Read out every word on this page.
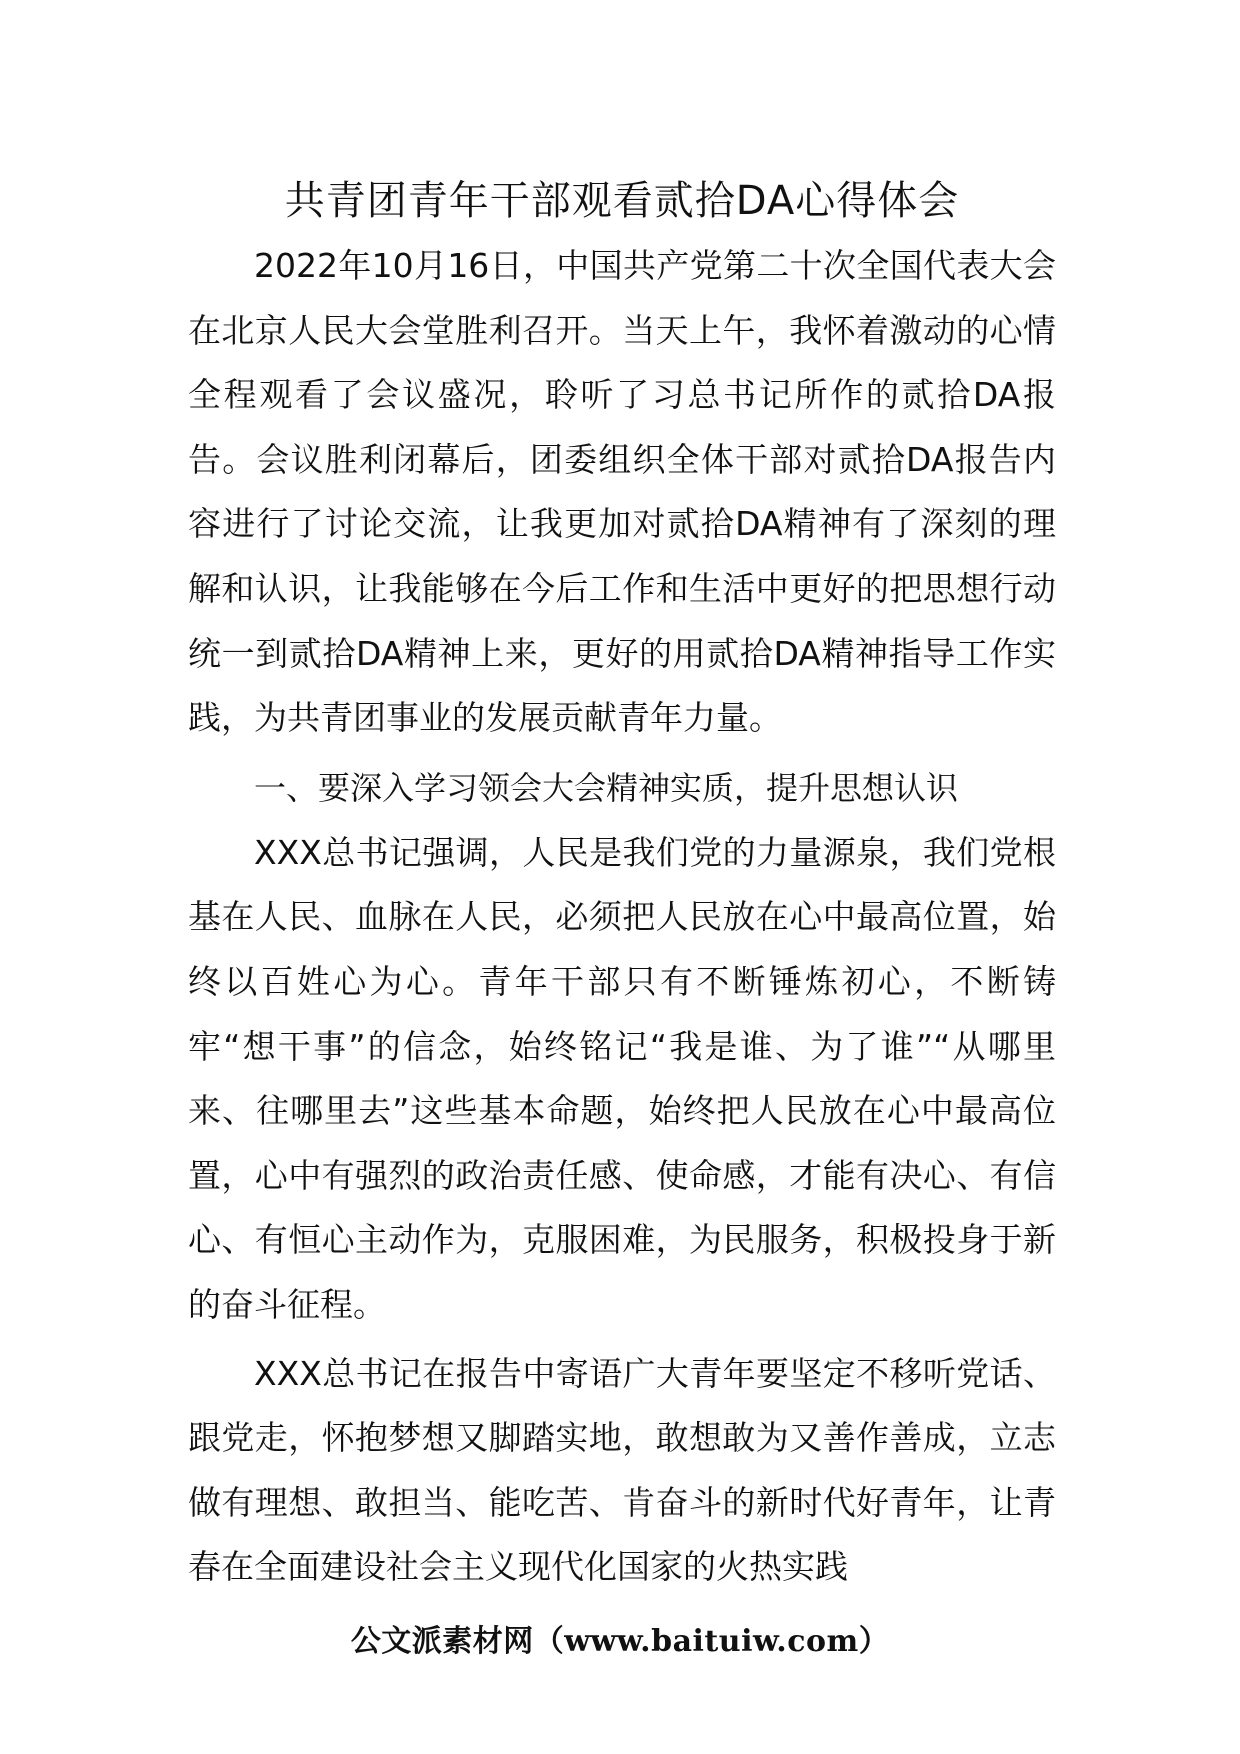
共青团青年干部观看贰拾DA心得体会

2022年10月16日，中国共产党第二十次全国代表大会在北京人民大会堂胜利召开。当天上午，我怀着激动的心情全程观看了会议盛况，聆听了习总书记所作的贰拾DA报告。会议胜利闭幕后，团委组织全体干部对贰拾DA报告内容进行了讨论交流，让我更加对贰拾DA精神有了深刻的理解和认识，让我能够在今后工作和生活中更好的把思想行动统一到贰拾DA精神上来，更好的用贰拾DA精神指导工作实践，为共青团事业的发展贡献青年力量。

一、要深入学习领会大会精神实质，提升思想认识

XXX总书记强调，人民是我们党的力量源泉，我们党根基在人民、血脉在人民，必须把人民放在心中最高位置，始终以百姓心为心。青年干部只有不断锤炼初心，不断铸牢“想干事”的信念，始终铭记“我是谁、为了谁”“从哪里来、往哪里去”这些基本命题，始终把人民放在心中最高位置，心中有强烈的政治责任感、使命感，才能有决心、有信心、有恒心主动作为，克服困难，为民服务，积极投身于新的奋斗征程。

XXX总书记在报告中寄语广大青年要坚定不移听党话、跟党走，怀抱梦想又脚踏实地，敢想敢为又善作善成，立志做有理想、敢担当、能吃苦、肯奋斗的新时代好青年，让青春在全面建设社会主义现代化国家的火热实践

公文派素材网（www.baituiw.com）
